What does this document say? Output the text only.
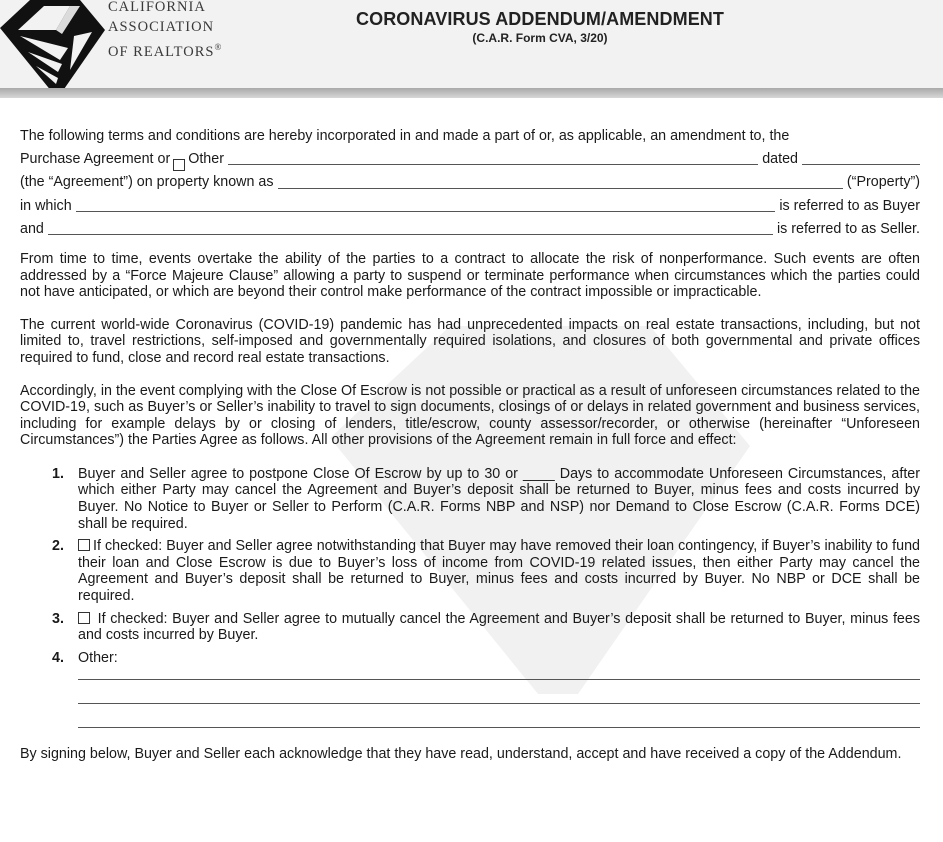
CALIFORNIA
ASSOCIATION
OF REALTORS®
CORONAVIRUS ADDENDUM/AMENDMENT
(C.A.R. Form CVA, 3/20)
The following terms and conditions are hereby incorporated in and made a part of or, as applicable, an amendment to, the
Purchase Agreement or Other	dated
(the “Agreement”) on property known as	(“Property”)
in which	is referred to as Buyer
and	is referred to as Seller.

From time to time, events overtake the ability of the parties to a contract to allocate the risk of nonperformance. Such events are often addressed by a “Force Majeure Clause” allowing a party to suspend or terminate performance when circumstances which the parties could not have anticipated, or which are beyond their control make performance of the contract impossible or impracticable.

The current world-wide Coronavirus (COVID-19) pandemic has had unprecedented impacts on real estate transactions, including, but not limited to, travel restrictions, self-imposed and governmentally required isolations, and closures of both governmental and private offices required to fund, close and record real estate transactions.

Accordingly, in the event complying with the Close Of Escrow is not possible or practical as a result of unforeseen circumstances related to the COVID-19, such as Buyer’s or Seller’s inability to travel to sign documents, closings of or delays in related government and business services, including for example delays by or closing of lenders, title/escrow, county assessor/recorder, or otherwise (hereinafter “Unforeseen Circumstances”) the Parties Agree as follows. All other provisions of the Agreement remain in full force and effect:

1. Buyer and Seller agree to postpone Close Of Escrow by up to 30 or ____ Days to accommodate Unforeseen Circumstances, after which either Party may cancel the Agreement and Buyer’s deposit shall be returned to Buyer, minus fees and costs incurred by Buyer. No Notice to Buyer or Seller to Perform (C.A.R. Forms NBP and NSP) nor Demand to Close Escrow (C.A.R. Forms DCE) shall be required.
2.	If checked: Buyer and Seller agree notwithstanding that Buyer may have removed their loan contingency, if Buyer’s inability to fund their loan and Close Escrow is due to Buyer’s loss of income from COVID-19 related issues, then either Party may cancel the Agreement and Buyer’s deposit shall be returned to Buyer, minus fees and costs incurred by Buyer. No NBP or DCE shall be required.
3.	If checked: Buyer and Seller agree to mutually cancel the Agreement and Buyer’s deposit shall be returned to Buyer, minus fees and costs incurred by Buyer.
4. Other:

By signing below, Buyer and Seller each acknowledge that they have read, understand, accept and have received a copy of the Addendum.
